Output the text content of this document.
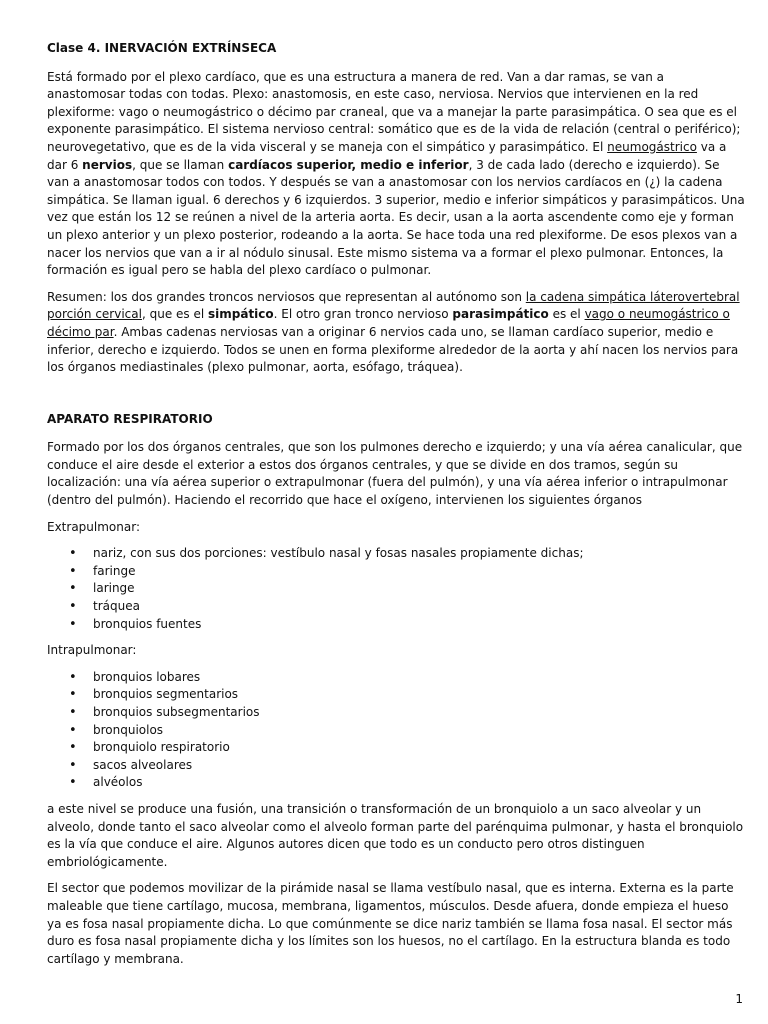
Clase 4. INERVACIÓN EXTRÍNSECA

Está formado por el plexo cardíaco, que es una estructura a manera de red. Van a dar ramas, se van a anastomosar todas con todas. Plexo: anastomosis, en este caso, nerviosa. Nervios que intervienen en la red plexiforme: vago o neumogástrico o décimo par craneal, que va a manejar la parte parasimpática. O sea que es el exponente parasimpático. El sistema nervioso central: somático que es de la vida de relación (central o periférico); neurovegetativo, que es de la vida visceral y se maneja con el simpático y parasimpático. El neumogástrico va a dar 6 nervios, que se llaman cardíacos superior, medio e inferior, 3 de cada lado (derecho e izquierdo). Se van a anastomosar todos con todos. Y después se van a anastomosar con los nervios cardíacos en (¿) la cadena simpática. Se llaman igual. 6 derechos y 6 izquierdos. 3 superior, medio e inferior simpáticos y parasimpáticos. Una vez que están los 12 se reúnen a nivel de la arteria aorta. Es decir, usan a la aorta ascendente como eje y forman un plexo anterior y un plexo posterior, rodeando a la aorta. Se hace toda una red plexiforme. De esos plexos van a nacer los nervios que van a ir al nódulo sinusal. Este mismo sistema va a formar el plexo pulmonar. Entonces, la formación es igual pero se habla del plexo cardíaco o pulmonar.

Resumen: los dos grandes troncos nerviosos que representan al autónomo son la cadena simpática láterovertebral porción cervical, que es el simpático. El otro gran tronco nervioso parasimpático es el vago o neumogástrico o décimo par. Ambas cadenas nerviosas van a originar 6 nervios cada uno, se llaman cardíaco superior, medio e inferior, derecho e izquierdo. Todos se unen en forma plexiforme alrededor de la aorta y ahí nacen los nervios para los órganos mediastinales (plexo pulmonar, aorta, esófago, tráquea).

APARATO RESPIRATORIO

Formado por los dos órganos centrales, que son los pulmones derecho e izquierdo; y una vía aérea canalicular, que conduce el aire desde el exterior a estos dos órganos centrales, y que se divide en dos tramos, según su localización: una vía aérea superior o extrapulmonar (fuera del pulmón), y una vía aérea inferior o intrapulmonar (dentro del pulmón). Haciendo el recorrido que hace el oxígeno, intervienen los siguientes órganos

Extrapulmonar:

• nariz, con sus dos porciones: vestíbulo nasal y fosas nasales propiamente dichas;
• faringe
• laringe
• tráquea
• bronquios fuentes

Intrapulmonar:

• bronquios lobares
• bronquios segmentarios
• bronquios subsegmentarios
• bronquiolos
• bronquiolo respiratorio
• sacos alveolares
• alvéolos

a este nivel se produce una fusión, una transición o transformación de un bronquiolo a un saco alveolar y un alveolo, donde tanto el saco alveolar como el alveolo forman parte del parénquima pulmonar, y hasta el bronquiolo es la vía que conduce el aire. Algunos autores dicen que todo es un conducto pero otros distinguen embriológicamente.

El sector que podemos movilizar de la pirámide nasal se llama vestíbulo nasal, que es interna. Externa es la parte maleable que tiene cartílago, mucosa, membrana, ligamentos, músculos. Desde afuera, donde empieza el hueso ya es fosa nasal propiamente dicha. Lo que comúnmente se dice nariz también se llama fosa nasal. El sector más duro es fosa nasal propiamente dicha y los límites son los huesos, no el cartílago. En la estructura blanda es todo cartílago y membrana.

1
